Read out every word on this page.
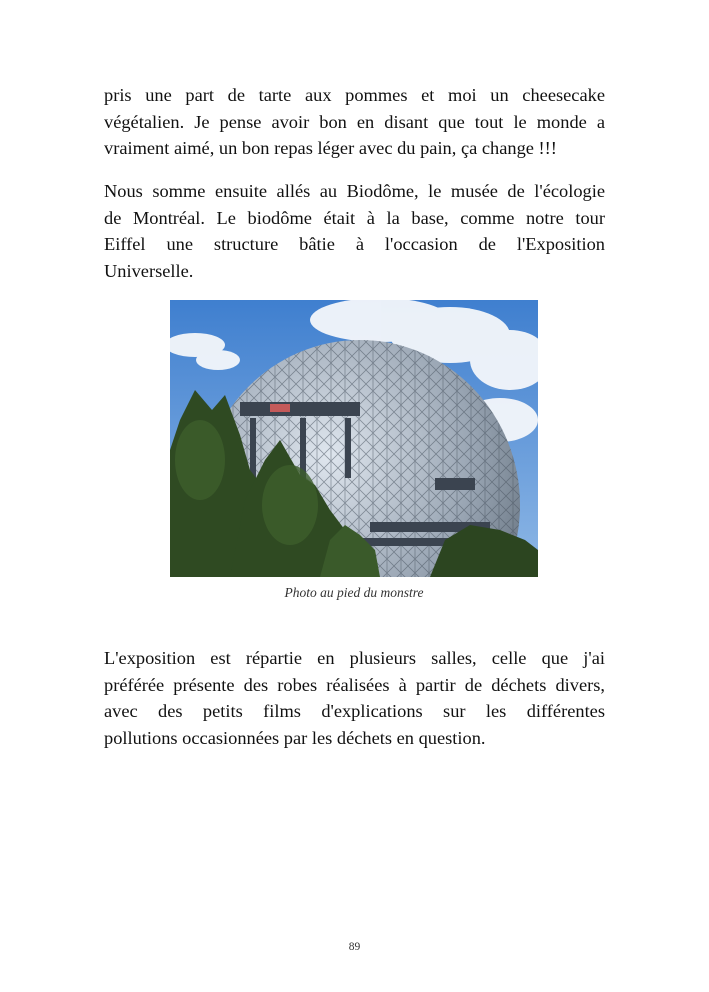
pris une part de tarte aux pommes et moi un cheesecake
végétalien. Je pense avoir bon en disant que tout le monde a
vraiment aimé, un bon repas léger avec du pain, ça change !!!

Nous somme ensuite allés au Biodôme, le musée de l'écologie
de Montréal. Le biodôme était à la base, comme notre tour
Eiffel une structure bâtie à l'occasion de l'Exposition
Universelle.

Photo au pied du monstre

L'exposition est répartie en plusieurs salles, celle que j'ai
préférée présente des robes réalisées à partir de déchets divers,
avec des petits films d'explications sur les différentes
pollutions occasionnées par les déchets en question.

89
